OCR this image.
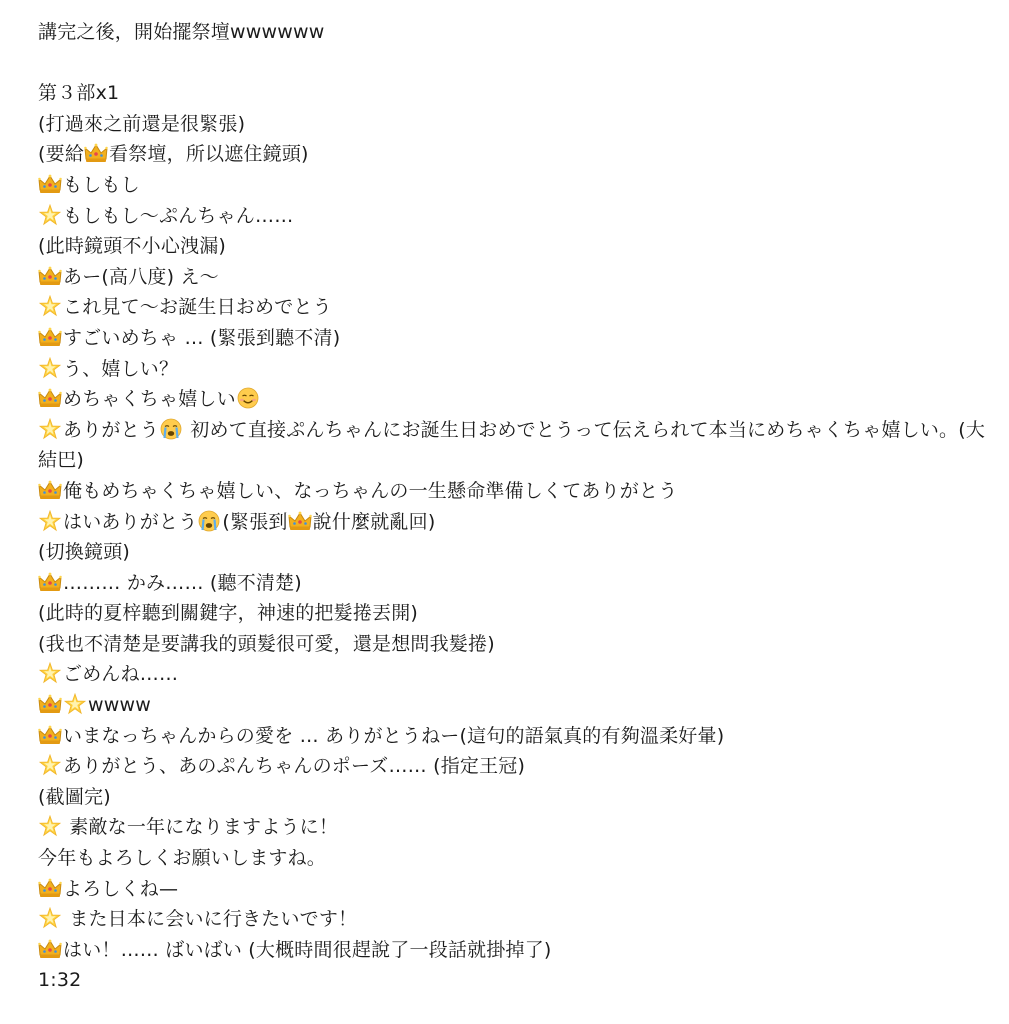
講完之後，開始擺祭壇wwwwww
第３部x1
(打過來之前還是很緊張)
(要給 看祭壇，所以遮住鏡頭)
もしもし
もしもし～ぷんちゃん……
(此時鏡頭不小心洩漏)
あー(高八度) え～
これ見て～お誕生日おめでとう
すごいめちゃ … (緊張到聽不清)
う、嬉しい？
めちゃくちゃ嬉しい
ありがとう
初めて直接ぷんちゃんにお誕生日おめでとうって伝えられて本当にめちゃくちゃ嬉しい。(大結巴)
俺もめちゃくちゃ嬉しい、なっちゃんの一生懸命準備しくてありがとう
はいありがとう (緊張到 說什麼就亂回)
(切換鏡頭)
……… かみ…… (聽不清楚)
(此時的夏梓聽到關鍵字，神速的把髮捲丟開)
(我也不清楚是要講我的頭髮很可愛，還是想問我髮捲)
ごめんね……
wwww
いまなっちゃんからの愛を … ありがとうねー(這句的語氣真的有夠溫柔好暈)
ありがとう、あのぷんちゃんのポーズ…… (指定王冠)
(截圖完)
素敵な一年になりますように！
今年もよろしくお願いしますね。
よろしくね—
また日本に会いに行きたいです！
はい！…… ばいばい (大概時間很趕說了一段話就掛掉了)
1:32
